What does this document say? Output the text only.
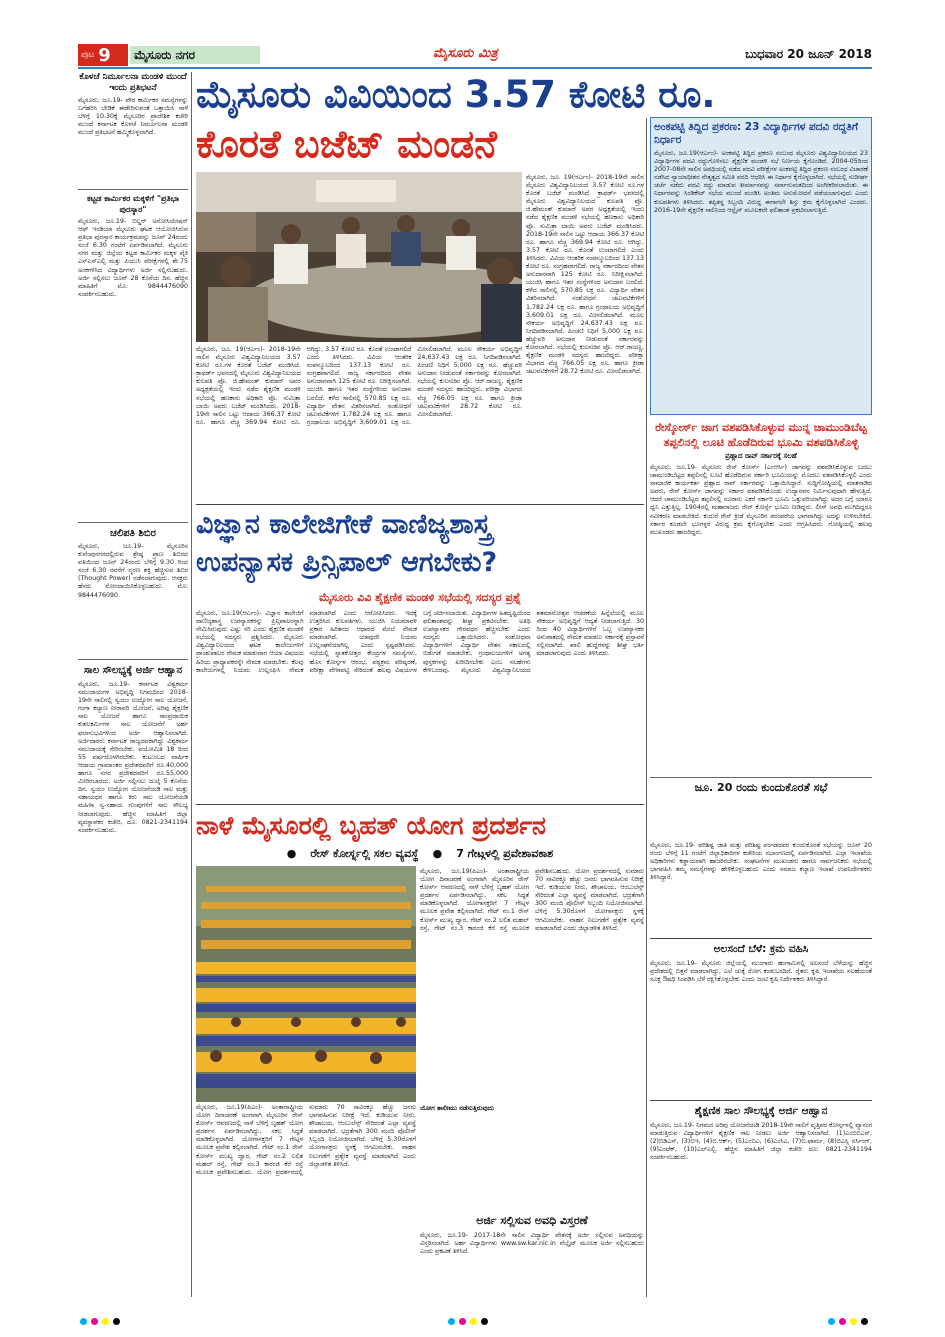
ಪುಟ 9	ಮೈಸೂರು ನಗರ	ಮೈಸೂರು ಮಿತ್ರ	ಬುಧವಾರ 20 ಜೂನ್ 2018
ಕೊಳಚೆ ನಿರ್ಮೂಲನಾ ಮಂಡಳಿ ಮುಂದೆ ಇಂದು ಪ್ರತಿಭಟನೆ
ಮೈಸೂರು, ಜೂ.19- ಪೌರ ಕಾರ್ಮಿಕರ ಸಮಸ್ಯೆಗಳನ್ನು ಬಗೆಹರಿಸಿ ಬೇಡಿಕೆ ಈಡೇರಿಸುವಂತೆ ಒತ್ತಾಯಿಸಿ ನಾಳೆ ಬೆಳಿಗ್ಗೆ 10.30ಕ್ಕೆ ಮೈಸೂರಿನ ಪ್ರಾದೇಶಿಕ ಕಚೇರಿ ಮುಂದೆ ಕರ್ನಾಟಕ ಕೊಳಚೆ ನಿರ್ಮೂಲನಾ ಮಂಡಳಿ ಮುಂದೆ ಪ್ರತಿಭಟನೆ ಹಮ್ಮಿಕೊಳ್ಳಲಾಗಿದೆ.
ಕಟ್ಟಡ ಕಾರ್ಮಿಕರ ಮಕ್ಕಳಿಗೆ "ಪ್ರತಿಭಾ ಪುರಸ್ಕಾರ"
ಮೈಸೂರು, ಜೂ.19- ಬಿಲ್ಡರ್ ಅಸೋಸಿಯೇಷನ್ ಆಫ್ ಇಂಡಿಯಾ ಮೈಸೂರು ಘಟಕ ಆಯೋಜಿಸಿರುವ ಪ್ರತಿಭಾ ಪುರಸ್ಕಾರ ಕಾರ್ಯಕ್ರಮವನ್ನು ಜೂನ್ 24ರಂದು ಸಂಜೆ 6.30 ಗಂಟೆಗೆ ಏರ್ಪಡಿಸಲಾಗಿದೆ. ಮೈಸೂರು ನಗರ ಮತ್ತು ಜಿಲ್ಲೆಯ ಕಟ್ಟಡ ಕಾರ್ಮಿಕರ ಮಕ್ಕಳ ಪೈಕಿ ಎಸ್ಎಸ್ಎಲ್ಸಿ ಮತ್ತು ಪಿಯುಸಿ ಪರೀಕ್ಷೆಗಳಲ್ಲಿ ಶೇ.75 ಅಂಕಗಳಿಸಿದ ವಿದ್ಯಾರ್ಥಿಗಳು ಅರ್ಜಿ ಸಲ್ಲಿಸಬಹುದು. ಅರ್ಜಿ ಸಲ್ಲಿಸಲು ಜೂನ್ 28 ಕೊನೆಯ ದಿನ. ಹೆಚ್ಚಿನ ಮಾಹಿತಿಗೆ ಮೊ: 9844476090 ಸಂಪರ್ಕಿಸಬಹುದು.
ಚಲಿಪತಿ ಶಿಬಿರ
ಮೈಸೂರು, ಜೂ.19- ಮೈಸೂರಿನ ಕುವೆಂಪುನಗರದಲ್ಲಿರುವ ಶ್ರೇಷ್ಠ ಪ್ರಾಣ ಶಿಬಿರದ ವತಿಯಿಂದ ಜೂನ್ 24ರಂದು ಬೆಳಿಗ್ಗೆ 9.30 ರಿಂದ ಸಂಜೆ 6.30 ರವರೆಗೆ ಸ್ಮರಣ ಶಕ್ತಿ ಹೆಚ್ಚಿಸುವ ಶಿಬಿರ (Thought Power) ನಡೆಸಲಾಗುವುದು. ಆಸಕ್ತರು ಹೆಸರು ನೋಂದಾಯಿಸಿಕೊಳ್ಳಬಹುದು. ಮೊ: 9844476090.
ಸಾಲ ಸೌಲಭ್ಯಕ್ಕೆ ಅರ್ಜಿ ಆಹ್ವಾನ
ಮೈಸೂರು, ಜೂ.19- ಕರ್ನಾಟಕ ವಿಶ್ವಕರ್ಮ ಸಮುದಾಯಗಳ ಅಭಿವೃದ್ಧಿ ನಿಗಮದಿಂದ 2018-19ನೇ ಸಾಲಿನಲ್ಲಿ ಸ್ವಯಂ ಉದ್ಯೋಗ ಸಾಲ ಯೋಜನೆ, ಗಂಗಾ ಕಲ್ಯಾಣ ನೀರಾವರಿ ಯೋಜನೆ, ಅರಿವು ಶೈಕ್ಷಣಿಕ ಸಾಲ ಯೋಜನೆ ಹಾಗೂ ಸಾಂಪ್ರದಾಯಿಕ ಕುಶಲಕರ್ಮಿಗಳ ಸಾಲ ಯೋಜನೆಗೆ ಅರ್ಹ ಫಲಾನುಭವಿಗಳಿಂದ ಅರ್ಜಿ ಆಹ್ವಾನಿಸಲಾಗಿದೆ. ಅರ್ಜಿದಾರರು ಕರ್ನಾಟಕ ರಾಜ್ಯದವರಾಗಿದ್ದು ವಿಶ್ವಕರ್ಮ ಸಮುದಾಯಕ್ಕೆ ಸೇರಿರಬೇಕು. ವಯೋಮಿತಿ 18 ರಿಂದ 55 ವರ್ಷದೊಳಗಿರಬೇಕು. ಕುಟುಂಬದ ವಾರ್ಷಿಕ ಆದಾಯ ಗ್ರಾಮಾಂತರ ಪ್ರದೇಶದವರಿಗೆ ರೂ.40,000 ಹಾಗೂ ನಗರ ಪ್ರದೇಶದವರಿಗೆ ರೂ.55,000 ಮೀರಿರಬಾರದು. ಅರ್ಜಿ ಸಲ್ಲಿಸಲು ಜುಲೈ 5 ಕೊನೆಯ ದಿನ. ಸ್ವಯಂ ಉದ್ಯೋಗ ಯೋಜನೆಯಡಿ ಸಾಲ ಮತ್ತು ಸಹಾಯಧನ ಹಾಗೂ ಕಿರು ಸಾಲ ಯೋಜನೆಯಡಿ ಮಹಿಳಾ ಸ್ವ-ಸಹಾಯ ಗುಂಪುಗಳಿಗೆ ಸಾಲ ಸೌಲಭ್ಯ ನೀಡಲಾಗುವುದು. ಹೆಚ್ಚಿನ ಮಾಹಿತಿಗೆ ಜಿಲ್ಲಾ ವ್ಯವಸ್ಥಾಪಕರ ಕಚೇರಿ, ದೂ: 0821-2341194 ಸಂಪರ್ಕಿಸಬಹುದು.
ಮೈಸೂರು ವಿವಿಯಿಂದ 3.57 ಕೋಟಿ ರೂ.
ಕೊರತೆ ಬಜೆಟ್ ಮಂಡನೆ
ಮೈಸೂರು, ಜೂ. 19(ಆರ್ಎಂ)- 2018-19ನೇ ಸಾಲಿನ ಮೈಸೂರು ವಿಶ್ವವಿದ್ಯಾನಿಲಯದ 3.57 ಕೋಟಿ ರೂ.ಗಳ ಕೊರತೆ ಬಜೆಟ್ ಮಂಡಿಸಿದೆ. ಕ್ರಾಫರ್ಡ್ ಭವನದಲ್ಲಿ ಮೈಸೂರು ವಿಶ್ವವಿದ್ಯಾನಿಲಯದ ಕುಲಪತಿ ಪ್ರೊ. ಜಿ.ಹೇಮಂತ್ ಕುಮಾರ್ ಅವರ ಅಧ್ಯಕ್ಷತೆಯಲ್ಲಿ ಇಂದು ನಡೆದ ಶೈಕ್ಷಣಿಕ ಮಂಡಳಿ ಸಭೆಯಲ್ಲಿ ಹಣಕಾಸು ಅಧಿಕಾರಿ ಪ್ರೊ. ಸುಮಿತ್ರಾ ಬಾಯಿ ಅವರು ಬಜೆಟ್ ಮಂಡಿಸಿದರು. 2018-19ನೇ ಸಾಲಿನ ಒಟ್ಟು ಆದಾಯ 366.37 ಕೋಟಿ ರೂ. ಹಾಗೂ ವೆಚ್ಚ 369.94 ಕೋಟಿ ರೂ. ಆಗಿದ್ದು, 3.57 ಕೋಟಿ ರೂ. ಕೊರತೆ ಉಂಟಾಗಲಿದೆ ಎಂದು ತಿಳಿಸಿದರು. ವಿವಿಯ ಆಂತರಿಕ ಸಂಪನ್ಮೂಲದಿಂದ 137.13 ಕೋಟಿ ರೂ. ಸಂಗ್ರಹವಾಗಲಿದೆ. ರಾಜ್ಯ ಸರ್ಕಾರದಿಂದ ವೇತನ ಅನುದಾನವಾಗಿ 125 ಕೋಟಿ ರೂ. ನಿರೀಕ್ಷಿಸಲಾಗಿದೆ. ಯುಜಿಸಿ ಹಾಗೂ ಇತರ ಸಂಸ್ಥೆಗಳಿಂದ ಅನುದಾನ ಬರಲಿದೆ. ಕಳೆದ ಸಾಲಿನಲ್ಲಿ 570.85 ಲಕ್ಷ ರೂ. ವಿದ್ಯಾರ್ಥಿ ವೇತನ ವಿತರಿಸಲಾಗಿದೆ. ಸಂಶೋಧನೆ ಚಟುವಟಿಕೆಗಳಿಗೆ 1,782.24 ಲಕ್ಷ ರೂ. ಹಾಗೂ ಗ್ರಂಥಾಲಯ ಅಭಿವೃದ್ಧಿಗೆ 3,609.01 ಲಕ್ಷ ರೂ. ಮೀಸಲಿಡಲಾಗಿದೆ. ಮೂಲ ಸೌಕರ್ಯ ಅಭಿವೃದ್ಧಿಗೆ 24,637.43 ಲಕ್ಷ ರೂ. ನಿಗದಿಪಡಿಸಲಾಗಿದೆ. ಪಿಂಚಣಿ ನಿಧಿಗೆ 5,000 ಲಕ್ಷ ರೂ. ಹೆಚ್ಚುವರಿ ಅನುದಾನ ನೀಡುವಂತೆ ಸರ್ಕಾರವನ್ನು ಕೋರಲಾಗಿದೆ. ಸಭೆಯಲ್ಲಿ ಕುಲಸಚಿವ ಪ್ರೊ. ಆರ್.ರಾಜಣ್ಣ, ಶೈಕ್ಷಣಿಕ ಮಂಡಳಿ ಸದಸ್ಯರು ಹಾಜರಿದ್ದರು. ಪರೀಕ್ಷಾ ವಿಭಾಗದ ವೆಚ್ಚ 766.05 ಲಕ್ಷ ರೂ. ಹಾಗೂ ಕ್ರೀಡಾ ಚಟುವಟಿಕೆಗಳಿಗೆ 28.72 ಕೋಟಿ ರೂ. ಮೀಸಲಿಡಲಾಗಿದೆ.
ಮೈಸೂರು, ಜೂ. 19(ಆರ್ಎಂ)- 2018-19ನೇ ಸಾಲಿನ ಮೈಸೂರು ವಿಶ್ವವಿದ್ಯಾನಿಲಯದ 3.57 ಕೋಟಿ ರೂ.ಗಳ ಕೊರತೆ ಬಜೆಟ್ ಮಂಡಿಸಿದೆ. ಕ್ರಾಫರ್ಡ್ ಭವನದಲ್ಲಿ ಮೈಸೂರು ವಿಶ್ವವಿದ್ಯಾನಿಲಯದ ಕುಲಪತಿ ಪ್ರೊ. ಜಿ.ಹೇಮಂತ್ ಕುಮಾರ್ ಅವರ ಅಧ್ಯಕ್ಷತೆಯಲ್ಲಿ ಇಂದು ನಡೆದ ಶೈಕ್ಷಣಿಕ ಮಂಡಳಿ ಸಭೆಯಲ್ಲಿ ಹಣಕಾಸು ಅಧಿಕಾರಿ ಪ್ರೊ. ಸುಮಿತ್ರಾ ಬಾಯಿ ಅವರು ಬಜೆಟ್ ಮಂಡಿಸಿದರು. 2018-19ನೇ ಸಾಲಿನ ಒಟ್ಟು ಆದಾಯ 366.37 ಕೋಟಿ ರೂ. ಹಾಗೂ ವೆಚ್ಚ 369.94 ಕೋಟಿ ರೂ. ಆಗಿದ್ದು, 3.57 ಕೋಟಿ ರೂ. ಕೊರತೆ ಉಂಟಾಗಲಿದೆ ಎಂದು ತಿಳಿಸಿದರು. ವಿವಿಯ ಆಂತರಿಕ ಸಂಪನ್ಮೂಲದಿಂದ 137.13 ಕೋಟಿ ರೂ. ಸಂಗ್ರಹವಾಗಲಿದೆ. ರಾಜ್ಯ ಸರ್ಕಾರದಿಂದ ವೇತನ ಅನುದಾನವಾಗಿ 125 ಕೋಟಿ ರೂ. ನಿರೀಕ್ಷಿಸಲಾಗಿದೆ. ಯುಜಿಸಿ ಹಾಗೂ ಇತರ ಸಂಸ್ಥೆಗಳಿಂದ ಅನುದಾನ ಬರಲಿದೆ. ಕಳೆದ ಸಾಲಿನಲ್ಲಿ 570.85 ಲಕ್ಷ ರೂ. ವಿದ್ಯಾರ್ಥಿ ವೇತನ ವಿತರಿಸಲಾಗಿದೆ. ಸಂಶೋಧನೆ ಚಟುವಟಿಕೆಗಳಿಗೆ 1,782.24 ಲಕ್ಷ ರೂ. ಹಾಗೂ ಗ್ರಂಥಾಲಯ ಅಭಿವೃದ್ಧಿಗೆ 3,609.01 ಲಕ್ಷ ರೂ. ಮೀಸಲಿಡಲಾಗಿದೆ. ಮೂಲ ಸೌಕರ್ಯ ಅಭಿವೃದ್ಧಿಗೆ 24,637.43 ಲಕ್ಷ ರೂ. ನಿಗದಿಪಡಿಸಲಾಗಿದೆ. ಪಿಂಚಣಿ ನಿಧಿಗೆ 5,000 ಲಕ್ಷ ರೂ. ಹೆಚ್ಚುವರಿ ಅನುದಾನ ನೀಡುವಂತೆ ಸರ್ಕಾರವನ್ನು ಕೋರಲಾಗಿದೆ. ಸಭೆಯಲ್ಲಿ ಕುಲಸಚಿವ ಪ್ರೊ. ಆರ್.ರಾಜಣ್ಣ, ಶೈಕ್ಷಣಿಕ ಮಂಡಳಿ ಸದಸ್ಯರು ಹಾಜರಿದ್ದರು. ಪರೀಕ್ಷಾ ವಿಭಾಗದ ವೆಚ್ಚ 766.05 ಲಕ್ಷ ರೂ. ಹಾಗೂ ಕ್ರೀಡಾ ಚಟುವಟಿಕೆಗಳಿಗೆ 28.72 ಕೋಟಿ ರೂ. ಮೀಸಲಿಡಲಾಗಿದೆ.
ಅಂಕಪಟ್ಟಿ ತಿದ್ದಿದ ಪ್ರಕರಣ: 23 ವಿದ್ಯಾರ್ಥಿಗಳ ಪದವಿ ರದ್ದತಿಗೆ ನಿರ್ಧಾರ
ಮೈಸೂರು, ಜೂ.19(ಆರ್ಎಂ)- ಅಂಕಪಟ್ಟಿ ತಿದ್ದಿದ ಪ್ರಕರಣ ಸಂಬಂಧ ಮೈಸೂರು ವಿಶ್ವವಿದ್ಯಾನಿಲಯದ 23 ವಿದ್ಯಾರ್ಥಿಗಳ ಪದವಿ ರದ್ದುಗೊಳಿಸಲು ಶೈಕ್ಷಣಿಕ ಮಂಡಳಿ ಸಭೆ ನಿರ್ಣಯ ಕೈಗೊಂಡಿದೆ. 2004-05ರಿಂದ 2007-08ನೇ ಸಾಲಿನ ಅವಧಿಯಲ್ಲಿ ನಡೆದ ಪದವಿ ಪರೀಕ್ಷೆಗಳ ಅಂಕಪಟ್ಟಿ ತಿದ್ದಿದ ಪ್ರಕರಣ ಸಂಬಂಧ ವಿಚಾರಣೆ ನಡೆಸಿದ ನ್ಯಾಯಾಧೀಶರ ನೇತೃತ್ವದ ಸಮಿತಿ ವರದಿ ಆಧರಿಸಿ ಈ ನಿರ್ಧಾರ ಕೈಗೊಳ್ಳಲಾಗಿದೆ. ಸಭೆಯಲ್ಲಿ ಸುದೀರ್ಘ ಚರ್ಚೆ ನಡೆದು ಪದವಿ ರದ್ದು ಮಾಡುವ ತೀರ್ಮಾನವನ್ನು ಸರ್ವಾನುಮತದಿಂದ ಅಂಗೀಕರಿಸಲಾಯಿತು. ಈ ನಿರ್ಧಾರವನ್ನು ಸಿಂಡಿಕೇಟ್ ಸಭೆಯ ಮುಂದೆ ಮಂಡಿಸಿ ಅಂತಿಮ ಅನುಮೋದನೆ ಪಡೆಯಲಾಗುವುದು ಎಂದು ಕುಲಪತಿಗಳು ತಿಳಿಸಿದರು. ತಪ್ಪಿತಸ್ಥ ಸಿಬ್ಬಂದಿ ವಿರುದ್ಧ ಈಗಾಗಲೇ ಶಿಸ್ತು ಕ್ರಮ ಕೈಗೊಳ್ಳಲಾಗಿದೆ ಎಂದರು. 2016-19ನೇ ಶೈಕ್ಷಣಿಕ ಸಾಲಿನಿಂದ ಆನ್ಲೈನ್ ಮೂಲಕವೇ ಫಲಿತಾಂಶ ಪ್ರಕಟಿಸಲಾಗುತ್ತಿದೆ.
ರೇಸ್ಕೋರ್ಸ್ ಜಾಗ ವಶಪಡಿಸಿಕೊಳ್ಳುವ ಮುನ್ನ ಚಾಮುಂಡಿಬೆಟ್ಟ ತಪ್ಪಲಿನಲ್ಲಿ ಲೂಟಿ ಹೊಡೆದಿರುವ ಭೂಮಿ ವಶಪಡಿಸಿಕೊಳ್ಳಿ
ಪ್ರಹ್ಲಾದ ರಾವ್ ಸರ್ಕಾರಕ್ಕೆ ಸಲಹೆ
ಮೈಸೂರು, ಜೂ.19- ಮೈಸೂರು ರೇಸ್ ಕೋರ್ಸ್ (ಎಂಆರ್ಸಿ) ಜಾಗವನ್ನು ವಶಪಡಿಸಿಕೊಳ್ಳುವ ಬದಲು ಚಾಮುಂಡಿಬೆಟ್ಟದ ತಪ್ಪಲಿನಲ್ಲಿ ಲೂಟಿ ಹೊಡೆದಿರುವ ಸರ್ಕಾರಿ ಭೂಮಿಯನ್ನು ಮೊದಲು ವಶಪಡಿಸಿಕೊಳ್ಳಲಿ ಎಂದು ಸಾಮಾಜಿಕ ಕಾರ್ಯಕರ್ತ ಪ್ರಹ್ಲಾದ ರಾವ್ ಸರ್ಕಾರವನ್ನು ಒತ್ತಾಯಿಸಿದ್ದಾರೆ. ಸುದ್ದಿಗೋಷ್ಠಿಯಲ್ಲಿ ಮಾತನಾಡಿದ ಅವರು, ರೇಸ್ ಕೋರ್ಸ್ ಜಾಗವನ್ನು ಸರ್ಕಾರ ವಶಪಡಿಸಿಕೊಂಡು ಉದ್ಯಾನವನ ನಿರ್ಮಿಸುವುದಾಗಿ ಹೇಳುತ್ತಿದೆ. ಆದರೆ ಚಾಮುಂಡಿಬೆಟ್ಟದ ತಪ್ಪಲಿನಲ್ಲಿ ನೂರಾರು ಎಕರೆ ಸರ್ಕಾರಿ ಭೂಮಿ ಒತ್ತುವರಿಯಾಗಿದ್ದು ಅದರ ಬಗ್ಗೆ ಯಾರೂ ಧ್ವನಿ ಎತ್ತುತ್ತಿಲ್ಲ. 1904ರಲ್ಲಿ ಮಹಾರಾಜರು ರೇಸ್ ಕೋರ್ಸ್ಗೆ ಭೂಮಿ ನೀಡಿದ್ದರು. ಲೀಸ್ ಅವಧಿ ಮುಗಿದಿದ್ದರೂ ನವೀಕರಣ ಮಾಡಬೇಕಿದೆ. ಕುದುರೆ ರೇಸ್ ಕ್ರೀಡೆ ಮೈಸೂರಿನ ಪರಂಪರೆಯ ಭಾಗವಾಗಿದ್ದು ಅದನ್ನು ಉಳಿಸಬೇಕಿದೆ. ಸರ್ಕಾರ ಕೂಡಲೇ ಭೂಗಳ್ಳರ ವಿರುದ್ಧ ಕ್ರಮ ಕೈಗೊಳ್ಳಬೇಕು ಎಂದು ಆಗ್ರಹಿಸಿದರು. ಗೋಷ್ಠಿಯಲ್ಲಿ ಹಲವು ಮುಖಂಡರು ಹಾಜರಿದ್ದರು.
ಜೂ. 20 ರಂದು ಕುಂದುಕೊರತೆ ಸಭೆ
ಮೈಸೂರು, ಜೂ.19- ಪರಿಶಿಷ್ಟ ಜಾತಿ ಮತ್ತು ಪರಿಶಿಷ್ಟ ಪಂಗಡದವರ ಕುಂದುಕೊರತೆ ಸಭೆಯನ್ನು ಜೂನ್ 20 ರಂದು ಬೆಳಿಗ್ಗೆ 11 ಗಂಟೆಗೆ ಜಿಲ್ಲಾಧಿಕಾರಿಗಳ ಕಚೇರಿಯ ಸಭಾಂಗಣದಲ್ಲಿ ಏರ್ಪಡಿಸಲಾಗಿದೆ. ಎಲ್ಲಾ ಇಲಾಖೆಯ ಅಧಿಕಾರಿಗಳು ಕಡ್ಡಾಯವಾಗಿ ಹಾಜರಿರಬೇಕು. ಸಂಘಟನೆಗಳ ಮುಖಂಡರು ಹಾಗೂ ಸಾರ್ವಜನಿಕರು ಸಭೆಯಲ್ಲಿ ಭಾಗವಹಿಸಿ ತಮ್ಮ ಸಮಸ್ಯೆಗಳನ್ನು ಹೇಳಿಕೊಳ್ಳಬಹುದು ಎಂದು ಸಮಾಜ ಕಲ್ಯಾಣ ಇಲಾಖೆ ಉಪನಿರ್ದೇಶಕರು ತಿಳಿಸಿದ್ದಾರೆ.
ಅಲಸಂದೆ ಬೆಳೆ: ಕ್ರಮ ವಹಿಸಿ
ಮೈಸೂರು, ಜೂ.19- ಮೈಸೂರು ಜಿಲ್ಲೆಯಲ್ಲಿ ಮುಂಗಾರು ಹಂಗಾಮಿನಲ್ಲಿ ಅಲಸಂದೆ ಬೆಳೆಯನ್ನು ಹೆಚ್ಚಿನ ಪ್ರದೇಶದಲ್ಲಿ ಬಿತ್ತನೆ ಮಾಡಲಾಗಿದ್ದು, ಎಲೆ ಚುಕ್ಕೆ ರೋಗ ಕಂಡುಬಂದಿದೆ. ರೈತರು ಕೃಷಿ ಇಲಾಖೆಯ ಸಲಹೆಯಂತೆ ಸೂಕ್ತ ಔಷಧಿ ಸಿಂಪಡಿಸಿ ಬೆಳೆ ರಕ್ಷಿಸಿಕೊಳ್ಳಬೇಕು ಎಂದು ಜಂಟಿ ಕೃಷಿ ನಿರ್ದೇಶಕರು ತಿಳಿಸಿದ್ದಾರೆ.
ಶೈಕ್ಷಣಿಕ ಸಾಲ ಸೌಲಭ್ಯಕ್ಕೆ ಅರ್ಜಿ ಆಹ್ವಾನ
ಮೈಸೂರು, ಜೂ.19- ನಿಗಮದ ಅರಿವು ಯೋಜನೆಯಡಿ 2018-19ನೇ ಸಾಲಿಗೆ ವೃತ್ತಿಪರ ಕೋರ್ಸ್ಗಳಲ್ಲಿ ವ್ಯಾಸಂಗ ಮಾಡುತ್ತಿರುವ ವಿದ್ಯಾರ್ಥಿಗಳಿಗೆ ಶೈಕ್ಷಣಿಕ ಸಾಲ ನೀಡಲು ಅರ್ಜಿ ಆಹ್ವಾನಿಸಲಾಗಿದೆ. (1)ಎಂಬಿಬಿಎಸ್, (2)ಬಿಡಿಎಸ್, (3)ಬಿಇ, (4)ಬಿ.ಆರ್ಕ್, (5)ಎಂಬಿಎ, (6)ಎಂಸಿಎ, (7)ಬಿ.ಫಾರ್ಮ, (8)ಬಿಎಸ್ಸಿ ನರ್ಸಿಂಗ್, (9)ಎಂಟೆಕ್, (10)ಎಲ್ಎಲ್ಬಿ. ಹೆಚ್ಚಿನ ಮಾಹಿತಿಗೆ ಜಿಲ್ಲಾ ಕಚೇರಿ ದೂ: 0821-2341194 ಸಂಪರ್ಕಿಸಬಹುದು.
ವಿಜ್ಞಾನ ಕಾಲೇಜಿಗೇಕೆ ವಾಣಿಜ್ಯಶಾಸ್ತ್ರ
ಉಪನ್ಯಾಸಕ ಪ್ರಿನ್ಸಿಪಾಲ್ ಆಗಬೇಕು?
ಮೈಸೂರು ವಿವಿ ಶೈಕ್ಷಣಿಕ ಮಂಡಳಿ ಸಭೆಯಲ್ಲಿ ಸದಸ್ಯರ ಪ್ರಶ್ನೆ
ಮೈಸೂರು, ಜೂ.19(ಆರ್ಎಂ)- ವಿಜ್ಞಾನ ಕಾಲೇಜಿಗೆ ವಾಣಿಜ್ಯಶಾಸ್ತ್ರ ಉಪನ್ಯಾಸಕರನ್ನು ಪ್ರಿನ್ಸಿಪಾಲರನ್ನಾಗಿ ನೇಮಿಸಿರುವುದು ಎಷ್ಟು ಸರಿ ಎಂದು ಶೈಕ್ಷಣಿಕ ಮಂಡಳಿ ಸಭೆಯಲ್ಲಿ ಸದಸ್ಯರು ಪ್ರಶ್ನಿಸಿದರು. ಮೈಸೂರು ವಿಶ್ವವಿದ್ಯಾನಿಲಯದ ಘಟಕ ಕಾಲೇಜುಗಳಿಗೆ ಪ್ರಾಂಶುಪಾಲರ ನೇಮಕ ಮಾಡುವಾಗ ಆಯಾ ವಿಷಯದ ಹಿರಿಯ ಪ್ರಾಧ್ಯಾಪಕರನ್ನೇ ನೇಮಕ ಮಾಡಬೇಕು. ಕೆಲವು ಕಾಲೇಜುಗಳಲ್ಲಿ ನಿಯಮ ಉಲ್ಲಂಘಿಸಿ ನೇಮಕ ಮಾಡಲಾಗಿದೆ ಎಂದು ಆರೋಪಿಸಿದರು. ಇದಕ್ಕೆ ಉತ್ತರಿಸಿದ ಕುಲಪತಿಗಳು, ಯುಜಿಸಿ ನಿಯಮಾವಳಿ ಪ್ರಕಾರ ಹಿರಿತನದ ಆಧಾರದ ಮೇಲೆ ನೇಮಕ ಮಾಡಲಾಗಿದೆ. ಯಾವುದೇ ನಿಯಮ ಉಲ್ಲಂಘನೆಯಾಗಿಲ್ಲ ಎಂದು ಸ್ಪಷ್ಟಪಡಿಸಿದರು. ಸಭೆಯಲ್ಲಿ ಸ್ನಾತಕೋತ್ತರ ಕೇಂದ್ರಗಳ ಸಮಸ್ಯೆಗಳು, ಹೊಸ ಕೋರ್ಸ್ಗಳ ಆರಂಭ, ಪಠ್ಯಕ್ರಮ ಪರಿಷ್ಕರಣೆ, ಪರೀಕ್ಷಾ ವೇಳಾಪಟ್ಟಿ ಸೇರಿದಂತೆ ಹಲವು ವಿಷಯಗಳ ಬಗ್ಗೆ ಚರ್ಚಿಸಲಾಯಿತು. ವಿದ್ಯಾರ್ಥಿಗಳ ಹಿತದೃಷ್ಟಿಯಿಂದ ಫಲಿತಾಂಶವನ್ನು ಶೀಘ್ರ ಪ್ರಕಟಿಸಬೇಕು. ಅತಿಥಿ ಉಪನ್ಯಾಸಕರ ಗೌರವಧನ ಹೆಚ್ಚಿಸಬೇಕು ಎಂದು ಸದಸ್ಯರು ಒತ್ತಾಯಿಸಿದರು. ಸಂಶೋಧನಾ ವಿದ್ಯಾರ್ಥಿಗಳಿಗೆ ವಿದ್ಯಾರ್ಥಿ ವೇತನ ಸಕಾಲದಲ್ಲಿ ಬಿಡುಗಡೆ ಮಾಡಬೇಕು. ಗ್ರಂಥಾಲಯಗಳಿಗೆ ಅಗತ್ಯ ಪುಸ್ತಕಗಳನ್ನು ಖರೀದಿಸಬೇಕು ಎಂಬ ಸಲಹೆಗಳು ಕೇಳಿಬಂದವು. ಮೈಸೂರು ವಿಶ್ವವಿದ್ಯಾನಿಲಯದ ಶತಮಾನೋತ್ಸವ ಆಚರಣೆಯ ಹಿನ್ನೆಲೆಯಲ್ಲಿ ಮೂಲ ಸೌಕರ್ಯ ಅಭಿವೃದ್ಧಿಗೆ ಆದ್ಯತೆ ನೀಡಲಾಗುತ್ತಿದೆ. 30 ರಿಂದ 40 ವಿದ್ಯಾರ್ಥಿಗಳಿಗೆ ಒಬ್ಬ ಉಪನ್ಯಾಸಕರ ಅನುಪಾತದಲ್ಲಿ ನೇಮಕ ಮಾಡಲು ಸರ್ಕಾರಕ್ಕೆ ಪ್ರಸ್ತಾವನೆ ಸಲ್ಲಿಸಲಾಗಿದೆ. ಖಾಲಿ ಹುದ್ದೆಗಳನ್ನು ಶೀಘ್ರ ಭರ್ತಿ ಮಾಡಲಾಗುವುದು ಎಂದು ತಿಳಿಸಿದರು.
ನಾಳೆ ಮೈಸೂರಲ್ಲಿ ಬೃಹತ್ ಯೋಗ ಪ್ರದರ್ಶನ
● ರೇಸ್ ಕೋರ್ಸ್ನಲ್ಲಿ ಸಕಲ ವ್ಯವಸ್ಥೆ ● 7 ಗೇಟ್ಗಳಲ್ಲಿ ಪ್ರವೇಶಾವಕಾಶ
ಮೈಸೂರು, ಜೂ.19(ಪಿಎಂ)- ಅಂತಾರಾಷ್ಟ್ರೀಯ ಯೋಗ ದಿನಾಚರಣೆ ಅಂಗವಾಗಿ ಮೈಸೂರಿನ ರೇಸ್ ಕೋರ್ಸ್ ಆವರಣದಲ್ಲಿ ನಾಳೆ ಬೆಳಿಗ್ಗೆ ಬೃಹತ್ ಯೋಗ ಪ್ರದರ್ಶನ ಏರ್ಪಡಿಸಲಾಗಿದ್ದು, ಸಕಲ ಸಿದ್ಧತೆ ಮಾಡಿಕೊಳ್ಳಲಾಗಿದೆ. ಯೋಗಾಸಕ್ತರಿಗೆ 7 ಗೇಟ್ಗಳ ಮೂಲಕ ಪ್ರವೇಶ ಕಲ್ಪಿಸಲಾಗಿದೆ. ಗೇಟ್ ನಂ.1 ರೇಸ್ ಕೋರ್ಸ್ ಮುಖ್ಯ ದ್ವಾರ, ಗೇಟ್ ನಂ.2 ಲಲಿತ ಮಹಲ್ ರಸ್ತೆ, ಗೇಟ್ ನಂ.3 ಕಾರಂಜಿ ಕೆರೆ ರಸ್ತೆ ಮೂಲಕ ಪ್ರವೇಶಿಸಬಹುದು. ಯೋಗ ಪ್ರದರ್ಶನದಲ್ಲಿ ಸುಮಾರು 70 ಸಾವಿರಕ್ಕೂ ಹೆಚ್ಚು ಜನರು ಭಾಗವಹಿಸುವ ನಿರೀಕ್ಷೆ ಇದೆ. ಕುಡಿಯುವ ನೀರು, ಶೌಚಾಲಯ, ಆಂಬುಲೆನ್ಸ್ ಸೇರಿದಂತೆ ಎಲ್ಲಾ ವ್ಯವಸ್ಥೆ ಮಾಡಲಾಗಿದೆ. ಭದ್ರತೆಗಾಗಿ 300 ಮಂದಿ ಪೊಲೀಸ್ ಸಿಬ್ಬಂದಿ ನಿಯೋಜಿಸಲಾಗಿದೆ. ಬೆಳಿಗ್ಗೆ 5.30ರೊಳಗೆ ಯೋಗಾಸಕ್ತರು ಸ್ಥಳಕ್ಕೆ ಆಗಮಿಸಬೇಕು. ವಾಹನ ನಿಲುಗಡೆಗೆ ಪ್ರತ್ಯೇಕ ವ್ಯವಸ್ಥೆ ಮಾಡಲಾಗಿದೆ ಎಂದು ಜಿಲ್ಲಾಡಳಿತ ತಿಳಿಸಿದೆ.
ಮೈಸೂರು, ಜೂ.19(ಪಿಎಂ)- ಅಂತಾರಾಷ್ಟ್ರೀಯ ಯೋಗ ದಿನಾಚರಣೆ ಅಂಗವಾಗಿ ಮೈಸೂರಿನ ರೇಸ್ ಕೋರ್ಸ್ ಆವರಣದಲ್ಲಿ ನಾಳೆ ಬೆಳಿಗ್ಗೆ ಬೃಹತ್ ಯೋಗ ಪ್ರದರ್ಶನ ಏರ್ಪಡಿಸಲಾಗಿದ್ದು, ಸಕಲ ಸಿದ್ಧತೆ ಮಾಡಿಕೊಳ್ಳಲಾಗಿದೆ. ಯೋಗಾಸಕ್ತರಿಗೆ 7 ಗೇಟ್ಗಳ ಮೂಲಕ ಪ್ರವೇಶ ಕಲ್ಪಿಸಲಾಗಿದೆ. ಗೇಟ್ ನಂ.1 ರೇಸ್ ಕೋರ್ಸ್ ಮುಖ್ಯ ದ್ವಾರ, ಗೇಟ್ ನಂ.2 ಲಲಿತ ಮಹಲ್ ರಸ್ತೆ, ಗೇಟ್ ನಂ.3 ಕಾರಂಜಿ ಕೆರೆ ರಸ್ತೆ ಮೂಲಕ ಪ್ರವೇಶಿಸಬಹುದು. ಯೋಗ ಪ್ರದರ್ಶನದಲ್ಲಿ ಸುಮಾರು 70 ಸಾವಿರಕ್ಕೂ ಹೆಚ್ಚು ಜನರು ಭಾಗವಹಿಸುವ ನಿರೀಕ್ಷೆ ಇದೆ. ಕುಡಿಯುವ ನೀರು, ಶೌಚಾಲಯ, ಆಂಬುಲೆನ್ಸ್ ಸೇರಿದಂತೆ ಎಲ್ಲಾ ವ್ಯವಸ್ಥೆ ಮಾಡಲಾಗಿದೆ. ಭದ್ರತೆಗಾಗಿ 300 ಮಂದಿ ಪೊಲೀಸ್ ಸಿಬ್ಬಂದಿ ನಿಯೋಜಿಸಲಾಗಿದೆ. ಬೆಳಿಗ್ಗೆ 5.30ರೊಳಗೆ ಯೋಗಾಸಕ್ತರು ಸ್ಥಳಕ್ಕೆ ಆಗಮಿಸಬೇಕು. ವಾಹನ ನಿಲುಗಡೆಗೆ ಪ್ರತ್ಯೇಕ ವ್ಯವಸ್ಥೆ ಮಾಡಲಾಗಿದೆ ಎಂದು ಜಿಲ್ಲಾಡಳಿತ ತಿಳಿಸಿದೆ.
ಯೋಗ ತಾಲೀಮು ನಡೆಸುತ್ತಿರುವುದು
ಅರ್ಜಿ ಸಲ್ಲಿಸುವ ಅವಧಿ ವಿಸ್ತರಣೆ
ಮೈಸೂರು, ಜೂ.19- 2017-18ನೇ ಸಾಲಿನ ವಿದ್ಯಾರ್ಥಿ ವೇತನಕ್ಕೆ ಅರ್ಜಿ ಸಲ್ಲಿಸುವ ಅವಧಿಯನ್ನು ವಿಸ್ತರಿಸಲಾಗಿದೆ. ಅರ್ಹ ವಿದ್ಯಾರ್ಥಿಗಳು www.sw.kar.nic.in ವೆಬ್ಸೈಟ್ ಮೂಲಕ ಅರ್ಜಿ ಸಲ್ಲಿಸಬಹುದು ಎಂದು ಪ್ರಕಟಣೆ ತಿಳಿಸಿದೆ.
